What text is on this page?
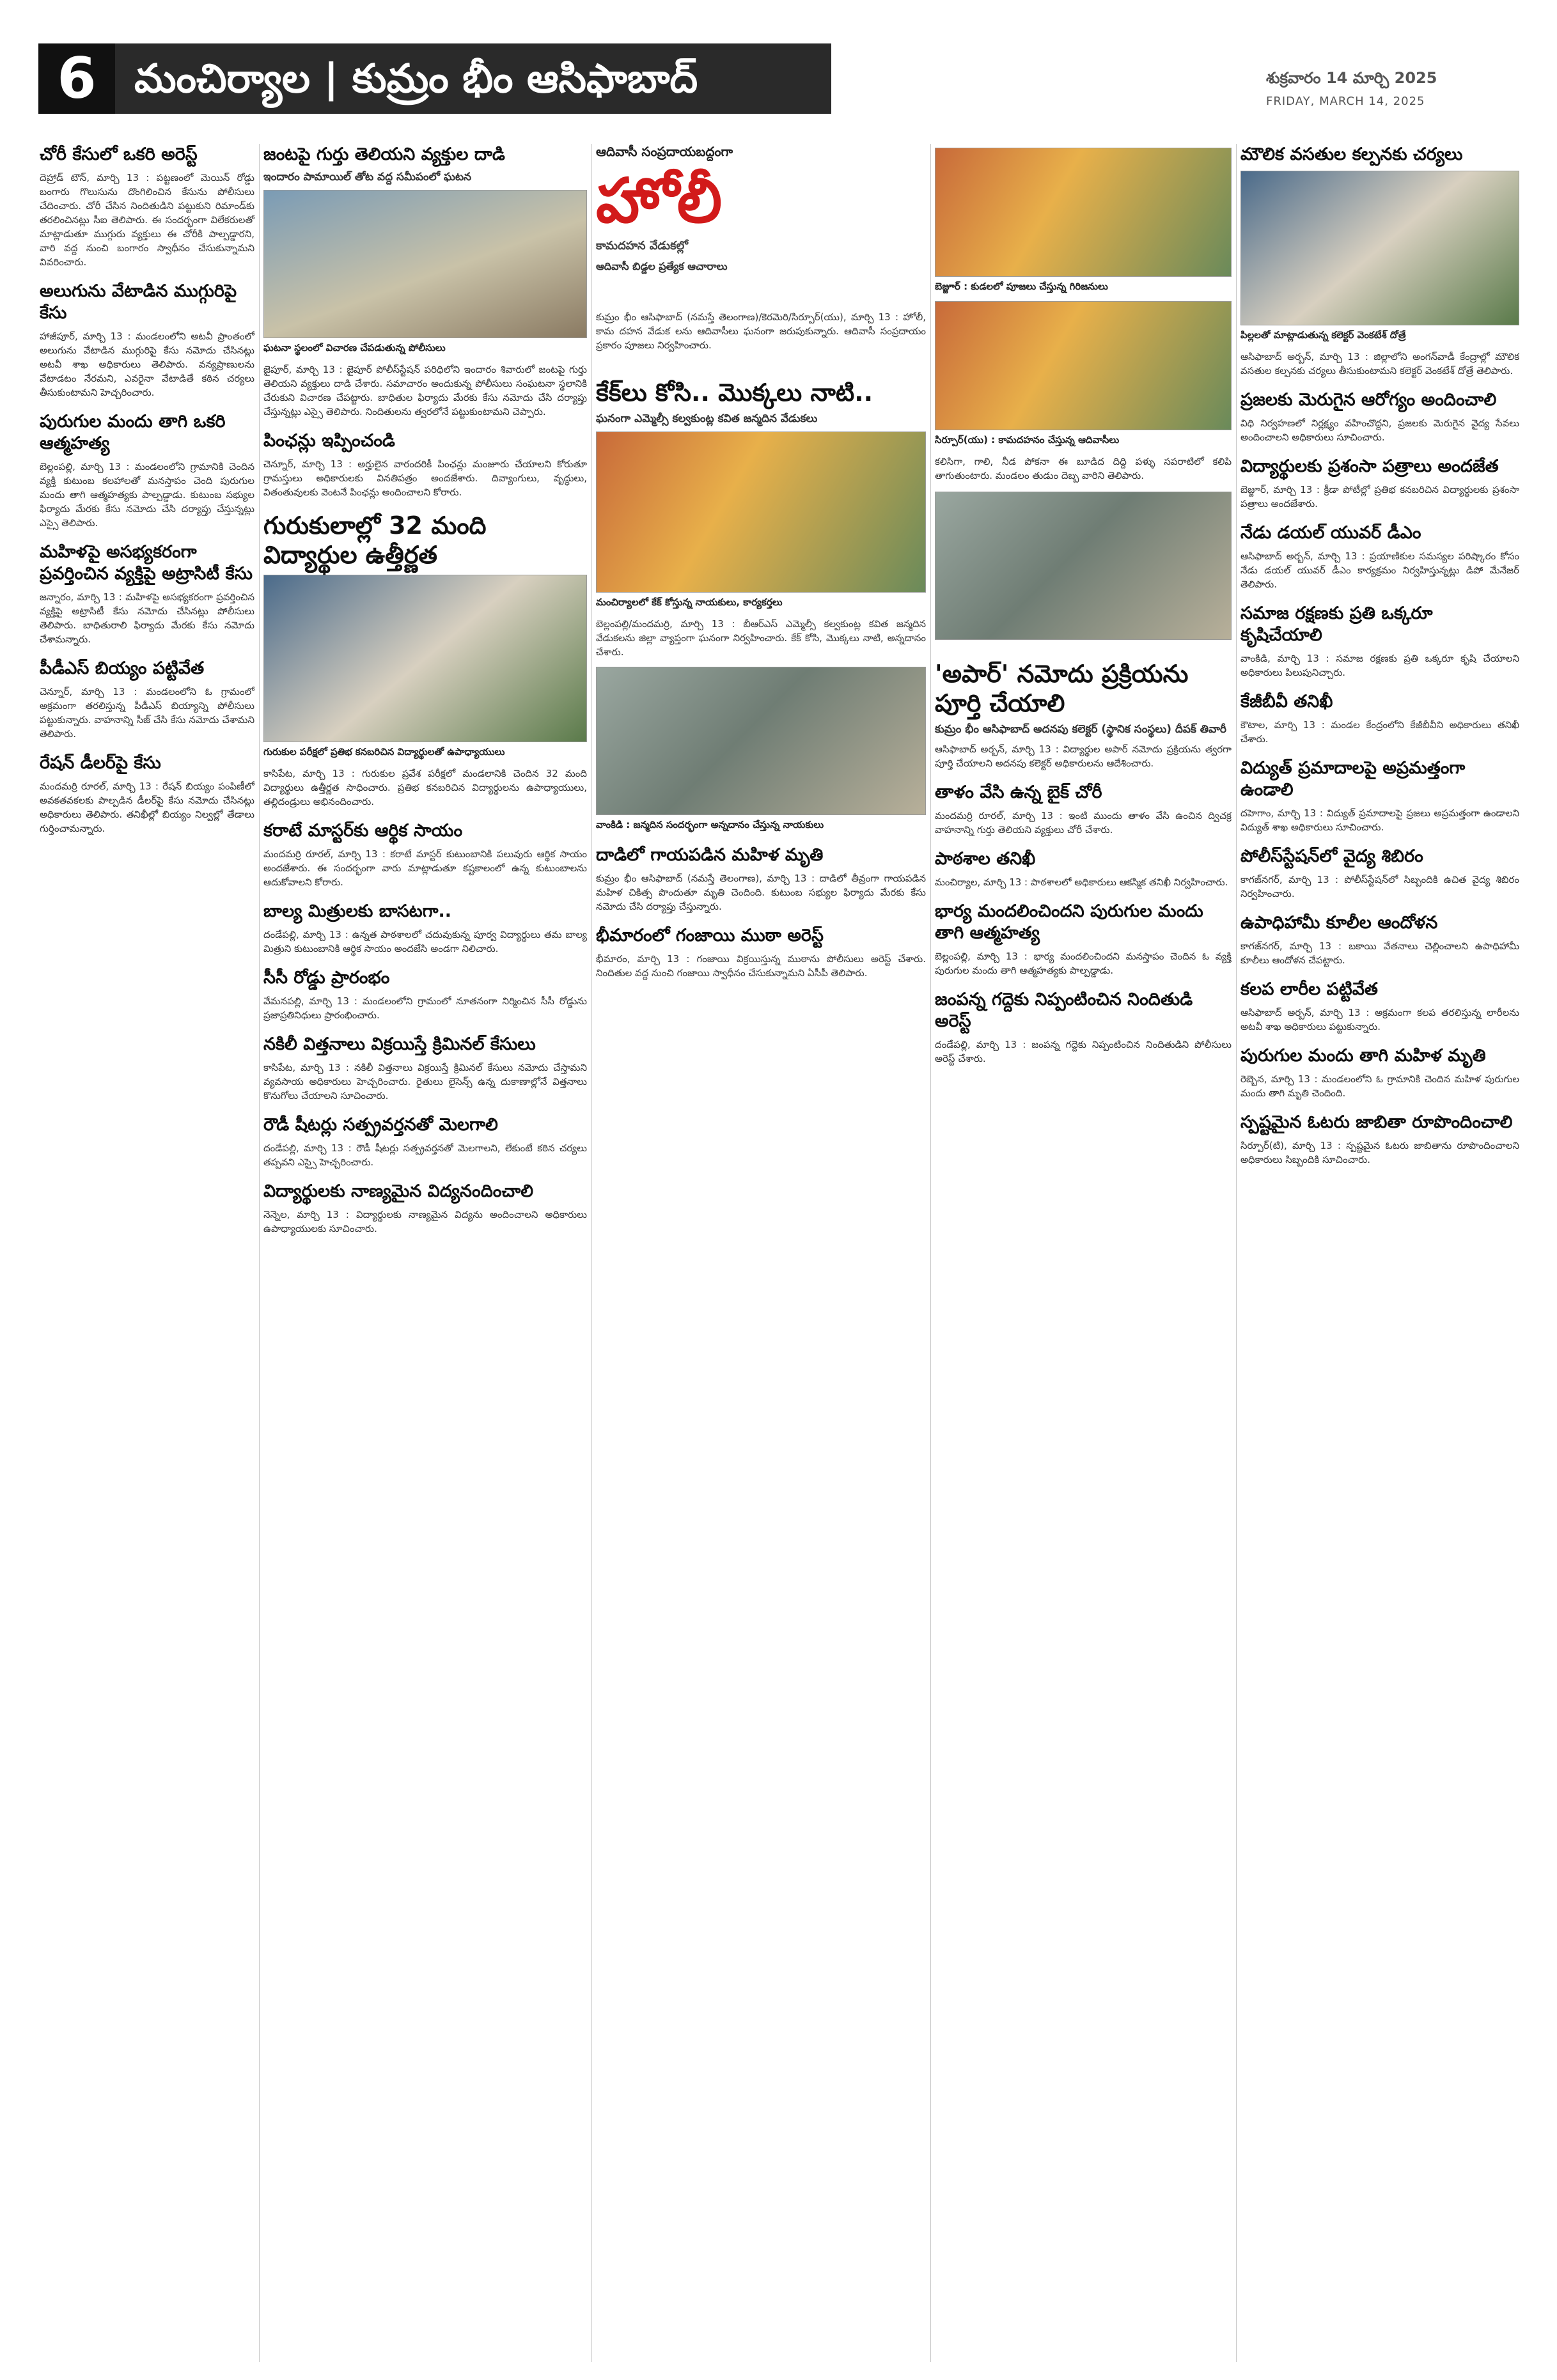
6 మంచిర్యాల | కుమ్రం భీం ఆసిఫాబాద్	శుక్రవారం 14 మార్చి 2025
FRIDAY, MARCH 14, 2025
చోరీ కేసులో ఒకరి అరెస్ట్

దెహ్రాడ్ టౌన్, మార్చి 13 : పట్టణంలో మెయిన్ రోడ్డు బంగారు గొలుసును దొంగిలించిన కేసును పోలీసులు చేదించారు. చోరీ చేసిన నిందితుడిని పట్టుకుని రిమాండ్‌కు తరలించినట్లు సీఐ తెలిపారు. ఈ సందర్భంగా విలేకరులతో మాట్లాడుతూ ముగ్గురు వ్యక్తులు ఈ చోరీకి పాల్పడ్డారని, వారి వద్ద నుంచి బంగారం స్వాధీనం చేసుకున్నామని వివరించారు.

అలుగును వేటాడిన ముగ్గురిపై కేసు

హాజీపూర్, మార్చి 13 : మండలంలోని అటవీ ప్రాంతంలో అలుగును వేటాడిన ముగ్గురిపై కేసు నమోదు చేసినట్లు అటవీ శాఖ అధికారులు తెలిపారు. వన్యప్రాణులను వేటాడటం నేరమని, ఎవరైనా వేటాడితే కఠిన చర్యలు తీసుకుంటామని హెచ్చరించారు.

పురుగుల మందు తాగి ఒకరి ఆత్మహత్య

బెల్లంపల్లి, మార్చి 13 : మండలంలోని గ్రామానికి చెందిన వ్యక్తి కుటుంబ కలహాలతో మనస్తాపం చెంది పురుగుల మందు తాగి ఆత్మహత్యకు పాల్పడ్డాడు. కుటుంబ సభ్యుల ఫిర్యాదు మేరకు కేసు నమోదు చేసి దర్యాప్తు చేస్తున్నట్లు ఎస్సై తెలిపారు.

మహిళపై అసభ్యకరంగా ప్రవర్తించిన వ్యక్తిపై అట్రాసిటీ కేసు

జన్నారం, మార్చి 13 : మహిళపై అసభ్యకరంగా ప్రవర్తించిన వ్యక్తిపై అట్రాసిటీ కేసు నమోదు చేసినట్లు పోలీసులు తెలిపారు. బాధితురాలి ఫిర్యాదు మేరకు కేసు నమోదు చేశామన్నారు.

పీడీఎస్ బియ్యం పట్టివేత

చెన్నూర్, మార్చి 13 : మండలంలోని ఓ గ్రామంలో అక్రమంగా తరలిస్తున్న పీడీఎస్ బియ్యాన్ని పోలీసులు పట్టుకున్నారు. వాహనాన్ని సీజ్ చేసి కేసు నమోదు చేశామని తెలిపారు.

రేషన్ డీలర్‌పై కేసు

మందమర్రి రూరల్, మార్చి 13 : రేషన్ బియ్యం పంపిణీలో అవకతవకలకు పాల్పడిన డీలర్‌పై కేసు నమోదు చేసినట్లు అధికారులు తెలిపారు. తనిఖీల్లో బియ్యం నిల్వల్లో తేడాలు గుర్తించామన్నారు.

జంటపై గుర్తు తెలియని వ్యక్తుల దాడి
ఇందారం పామాయిల్ తోట వద్ద సమీపంలో ఘటన
ఘటనా స్థలంలో విచారణ చేపడుతున్న పోలీసులు

జైపూర్, మార్చి 13 : జైపూర్ పోలీస్‌స్టేషన్ పరిధిలోని ఇందారం శివారులో జంటపై గుర్తు తెలియని వ్యక్తులు దాడి చేశారు. సమాచారం అందుకున్న పోలీసులు సంఘటనా స్థలానికి చేరుకుని విచారణ చేపట్టారు. బాధితుల ఫిర్యాదు మేరకు కేసు నమోదు చేసి దర్యాప్తు చేస్తున్నట్లు ఎస్సై తెలిపారు. నిందితులను త్వరలోనే పట్టుకుంటామని చెప్పారు.

పింఛన్లు ఇప్పించండి

చెన్నూర్, మార్చి 13 : అర్హులైన వారందరికీ పింఛన్లు మంజూరు చేయాలని కోరుతూ గ్రామస్తులు అధికారులకు వినతిపత్రం అందజేశారు. దివ్యాంగులు, వృద్ధులు, వితంతువులకు వెంటనే పింఛన్లు అందించాలని కోరారు.

గురుకులాల్లో 32 మంది విద్యార్థుల ఉత్తీర్ణత
గురుకుల పరీక్షలో ప్రతిభ కనబరిచిన విద్యార్థులతో ఉపాధ్యాయులు

కాసిపేట, మార్చి 13 : గురుకుల ప్రవేశ పరీక్షలో మండలానికి చెందిన 32 మంది విద్యార్థులు ఉత్తీర్ణత సాధించారు. ప్రతిభ కనబరిచిన విద్యార్థులను ఉపాధ్యాయులు, తల్లిదండ్రులు అభినందించారు.

కరాటే మాస్టర్‌కు ఆర్థిక సాయం

మందమర్రి రూరల్, మార్చి 13 : కరాటే మాస్టర్ కుటుంబానికి పలువురు ఆర్థిక సాయం అందజేశారు. ఈ సందర్భంగా వారు మాట్లాడుతూ కష్టకాలంలో ఉన్న కుటుంబాలను ఆదుకోవాలని కోరారు.

బాల్య మిత్రులకు బాసటగా..

దండేపల్లి, మార్చి 13 : ఉన్నత పాఠశాలలో చదువుకున్న పూర్వ విద్యార్థులు తమ బాల్య మిత్రుని కుటుంబానికి ఆర్థిక సాయం అందజేసి అండగా నిలిచారు.

సీసీ రోడ్డు ప్రారంభం

వేమనపల్లి, మార్చి 13 : మండలంలోని గ్రామంలో నూతనంగా నిర్మించిన సీసీ రోడ్డును ప్రజాప్రతినిధులు ప్రారంభించారు.

నకిలీ విత్తనాలు విక్రయిస్తే క్రిమినల్ కేసులు

కాసిపేట, మార్చి 13 : నకిలీ విత్తనాలు విక్రయిస్తే క్రిమినల్ కేసులు నమోదు చేస్తామని వ్యవసాయ అధికారులు హెచ్చరించారు. రైతులు లైసెన్స్ ఉన్న దుకాణాల్లోనే విత్తనాలు కొనుగోలు చేయాలని సూచించారు.

రౌడీ షీటర్లు సత్ప్రవర్తనతో మెలగాలి

దండేపల్లి, మార్చి 13 : రౌడీ షీటర్లు సత్ప్రవర్తనతో మెలగాలని, లేకుంటే కఠిన చర్యలు తప్పవని ఎస్సై హెచ్చరించారు.

విద్యార్థులకు నాణ్యమైన విద్యనందించాలి

నెన్నెల, మార్చి 13 : విద్యార్థులకు నాణ్యమైన విద్యను అందించాలని అధికారులు ఉపాధ్యాయులకు సూచించారు.

ఆదివాసీ సంప్రదాయబద్దంగా
హోలీ
కామదహన వేడుకల్లో
ఆదివాసీ బిడ్డల ప్రత్యేక ఆచారాలు

కుమ్రం భీం ఆసిఫాబాద్ (నమస్తే తెలంగాణ)/కెరమెరి/సిర్పూర్(యు), మార్చి 13 : హోలీ, కామ దహన వేడుక లను ఆదివాసీలు ఘనంగా జరుపుకున్నారు. ఆదివాసీ సంప్రదాయం ప్రకారం పూజలు నిర్వహించారు.

కేక్‌లు కోసి.. మొక్కలు నాటి..
ఘనంగా ఎమ్మెల్సీ కల్వకుంట్ల కవిత జన్మదిన వేడుకలు
మంచిర్యాలలో కేక్ కోస్తున్న నాయకులు, కార్యకర్తలు

బెల్లంపల్లి/మందమర్రి, మార్చి 13 : బీఆర్ఎస్ ఎమ్మెల్సీ కల్వకుంట్ల కవిత జన్మదిన వేడుకలను జిల్లా వ్యాప్తంగా ఘనంగా నిర్వహించారు. కేక్ కోసి, మొక్కలు నాటి, అన్నదానం చేశారు.

వాంకిడి : జన్మదిన సందర్భంగా అన్నదానం చేస్తున్న నాయకులు
దాడిలో గాయపడిన మహిళ మృతి

కుమ్రం భీం ఆసిఫాబాద్ (నమస్తే తెలంగాణ), మార్చి 13 : దాడిలో తీవ్రంగా గాయపడిన మహిళ చికిత్స పొందుతూ మృతి చెందింది. కుటుంబ సభ్యుల ఫిర్యాదు మేరకు కేసు నమోదు చేసి దర్యాప్తు చేస్తున్నారు.

భీమారంలో గంజాయి ముఠా అరెస్ట్

భీమారం, మార్చి 13 : గంజాయి విక్రయిస్తున్న ముఠాను పోలీసులు అరెస్ట్ చేశారు. నిందితుల వద్ద నుంచి గంజాయి స్వాధీనం చేసుకున్నామని ఏసీపీ తెలిపారు.

బెజ్జూర్ : కుడలలో పూజలు చేస్తున్న గిరిజనులు
సిర్పూర్(యు) : కామదహనం చేస్తున్న ఆదివాసీలు

కలిసిగా, గాలి, నీడ పోకనా ఈ బూడిద దిద్ది పళ్ళు సపరాటిలో కలిపి తాగుతుంటారు. మండలం తుడుం దెబ్బ వారిని తెలిపారు.

'అపార్' నమోదు ప్రక్రియను పూర్తి చేయాలి
కుమ్రం భీం ఆసిఫాబాద్ అదనపు కలెక్టర్ (స్థానిక సంస్థలు) దీపక్ తివారీ

ఆసిఫాబాద్ అర్బన్, మార్చి 13 : విద్యార్థుల అపార్ నమోదు ప్రక్రియను త్వరగా పూర్తి చేయాలని అదనపు కలెక్టర్ అధికారులను ఆదేశించారు.

తాళం వేసి ఉన్న బైక్ చోరీ

మందమర్రి రూరల్, మార్చి 13 : ఇంటి ముందు తాళం వేసి ఉంచిన ద్విచక్ర వాహనాన్ని గుర్తు తెలియని వ్యక్తులు చోరీ చేశారు.

పాఠశాల తనిఖీ

మంచిర్యాల, మార్చి 13 : పాఠశాలలో అధికారులు ఆకస్మిక తనిఖీ నిర్వహించారు.

భార్య మందలించిందని పురుగుల మందు తాగి ఆత్మహత్య

బెల్లంపల్లి, మార్చి 13 : భార్య మందలించిందని మనస్తాపం చెందిన ఓ వ్యక్తి పురుగుల మందు తాగి ఆత్మహత్యకు పాల్పడ్డాడు.

జంపన్న గద్దెకు నిప్పంటించిన నిందితుడి అరెస్ట్

దండేపల్లి, మార్చి 13 : జంపన్న గద్దెకు నిప్పంటించిన నిందితుడిని పోలీసులు అరెస్ట్ చేశారు.

మౌలిక వసతుల కల్పనకు చర్యలు
పిల్లలతో మాట్లాడుతున్న కలెక్టర్ వెంకటేశ్ దోత్రే

ఆసిఫాబాద్ అర్బన్, మార్చి 13 : జిల్లాలోని అంగన్‌వాడీ కేంద్రాల్లో మౌలిక వసతుల కల్పనకు చర్యలు తీసుకుంటామని కలెక్టర్ వెంకటేశ్ దోత్రే తెలిపారు.

ప్రజలకు మెరుగైన ఆరోగ్యం అందించాలి

విధి నిర్వహణలో నిర్లక్ష్యం వహించొద్దని, ప్రజలకు మెరుగైన వైద్య సేవలు అందించాలని అధికారులు సూచించారు.

విద్యార్థులకు ప్రశంసా పత్రాలు అందజేత

బెజ్జూర్, మార్చి 13 : క్రీడా పోటీల్లో ప్రతిభ కనబరిచిన విద్యార్థులకు ప్రశంసా పత్రాలు అందజేశారు.

నేడు డయల్ యువర్ డీఎం

ఆసిఫాబాద్ అర్బన్, మార్చి 13 : ప్రయాణికుల సమస్యల పరిష్కారం కోసం నేడు డయల్ యువర్ డీఎం కార్యక్రమం నిర్వహిస్తున్నట్లు డిపో మేనేజర్ తెలిపారు.

సమాజ రక్షణకు ప్రతి ఒక్కరూ కృషిచేయాలి

వాంకిడి, మార్చి 13 : సమాజ రక్షణకు ప్రతి ఒక్కరూ కృషి చేయాలని అధికారులు పిలుపునిచ్చారు.

కేజీబీవీ తనిఖీ

కౌటాల, మార్చి 13 : మండల కేంద్రంలోని కేజీబీవీని అధికారులు తనిఖీ చేశారు.

విద్యుత్ ప్రమాదాలపై అప్రమత్తంగా ఉండాలి

దహెగాం, మార్చి 13 : విద్యుత్ ప్రమాదాలపై ప్రజలు అప్రమత్తంగా ఉండాలని విద్యుత్ శాఖ అధికారులు సూచించారు.

పోలీస్‌స్టేషన్‌లో వైద్య శిబిరం

కాగజ్‌నగర్, మార్చి 13 : పోలీస్‌స్టేషన్‌లో సిబ్బందికి ఉచిత వైద్య శిబిరం నిర్వహించారు.

ఉపాధిహామీ కూలీల ఆందోళన

కాగజ్‌నగర్, మార్చి 13 : బకాయి వేతనాలు చెల్లించాలని ఉపాధిహామీ కూలీలు ఆందోళన చేపట్టారు.

కలప లారీల పట్టివేత

ఆసిఫాబాద్ అర్బన్, మార్చి 13 : అక్రమంగా కలప తరలిస్తున్న లారీలను అటవీ శాఖ అధికారులు పట్టుకున్నారు.

పురుగుల మందు తాగి మహిళ మృతి

రెబ్బెన, మార్చి 13 : మండలంలోని ఓ గ్రామానికి చెందిన మహిళ పురుగుల మందు తాగి మృతి చెందింది.

స్పష్టమైన ఓటరు జాబితా రూపొందించాలి

సిర్పూర్(టి), మార్చి 13 : స్పష్టమైన ఓటరు జాబితాను రూపొందించాలని అధికారులు సిబ్బందికి సూచించారు.
